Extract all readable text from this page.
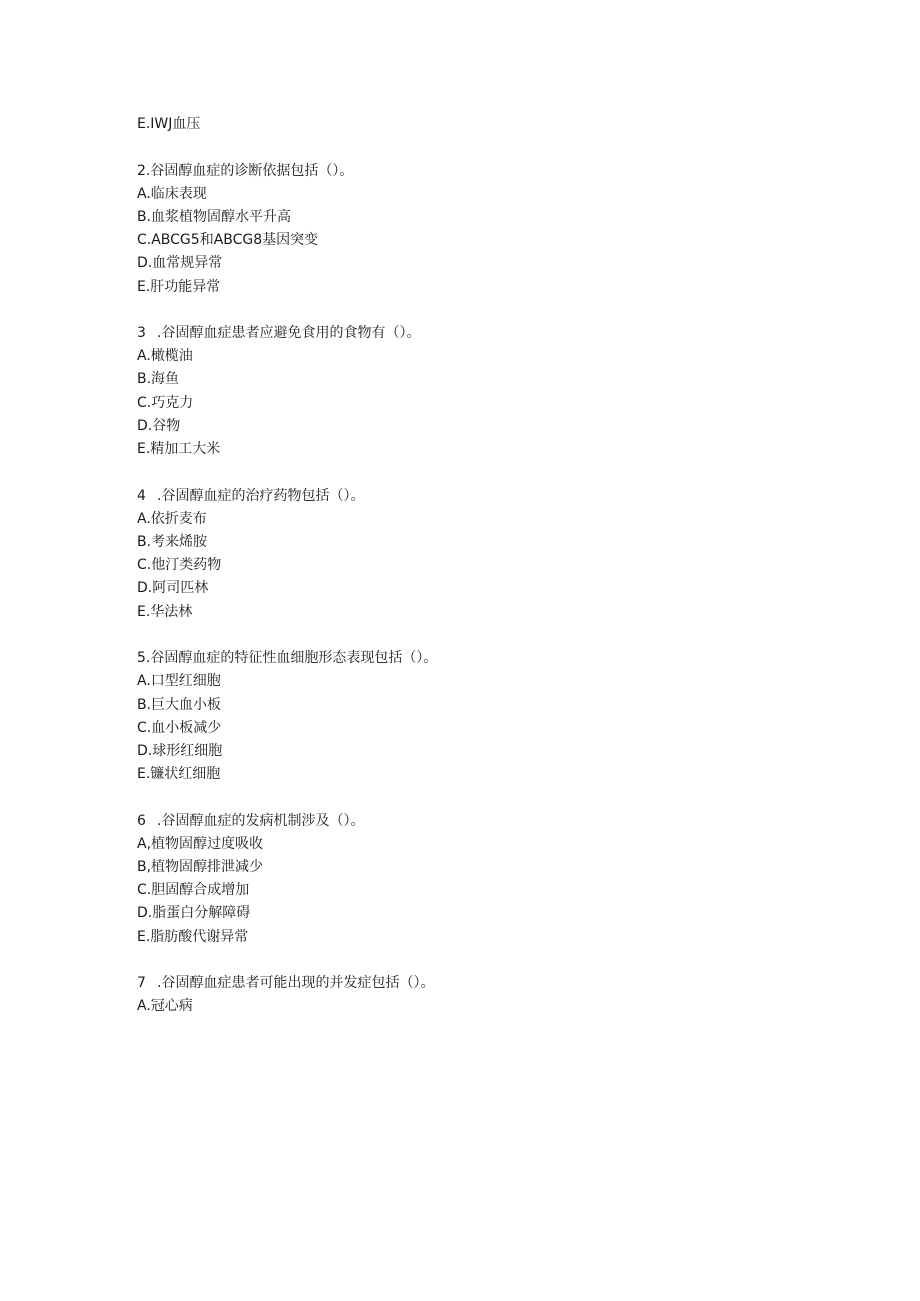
E.IWJ血压
2.谷固醇血症的诊断依据包括（）。
A.临床表现
B.血浆植物固醇水平升高
C.ABCG5和ABCG8基因突变
D.血常规异常
E.肝功能异常
3 .谷固醇血症患者应避免食用的食物有（）。
A.橄榄油
B.海鱼
C.巧克力
D.谷物
E.精加工大米
4 .谷固醇血症的治疗药物包括（）。
A.依折麦布
B.考来烯胺
C.他汀类药物
D.阿司匹林
E.华法林
5.谷固醇血症的特征性血细胞形态表现包括（）。
A.口型红细胞
B.巨大血小板
C.血小板减少
D.球形红细胞
E.镰状红细胞
6 .谷固醇血症的发病机制涉及（）。
A,植物固醇过度吸收
B,植物固醇排泄减少
C.胆固醇合成增加
D.脂蛋白分解障碍
E.脂肪酸代谢异常
7 .谷固醇血症患者可能出现的并发症包括（）。
A.冠心病
